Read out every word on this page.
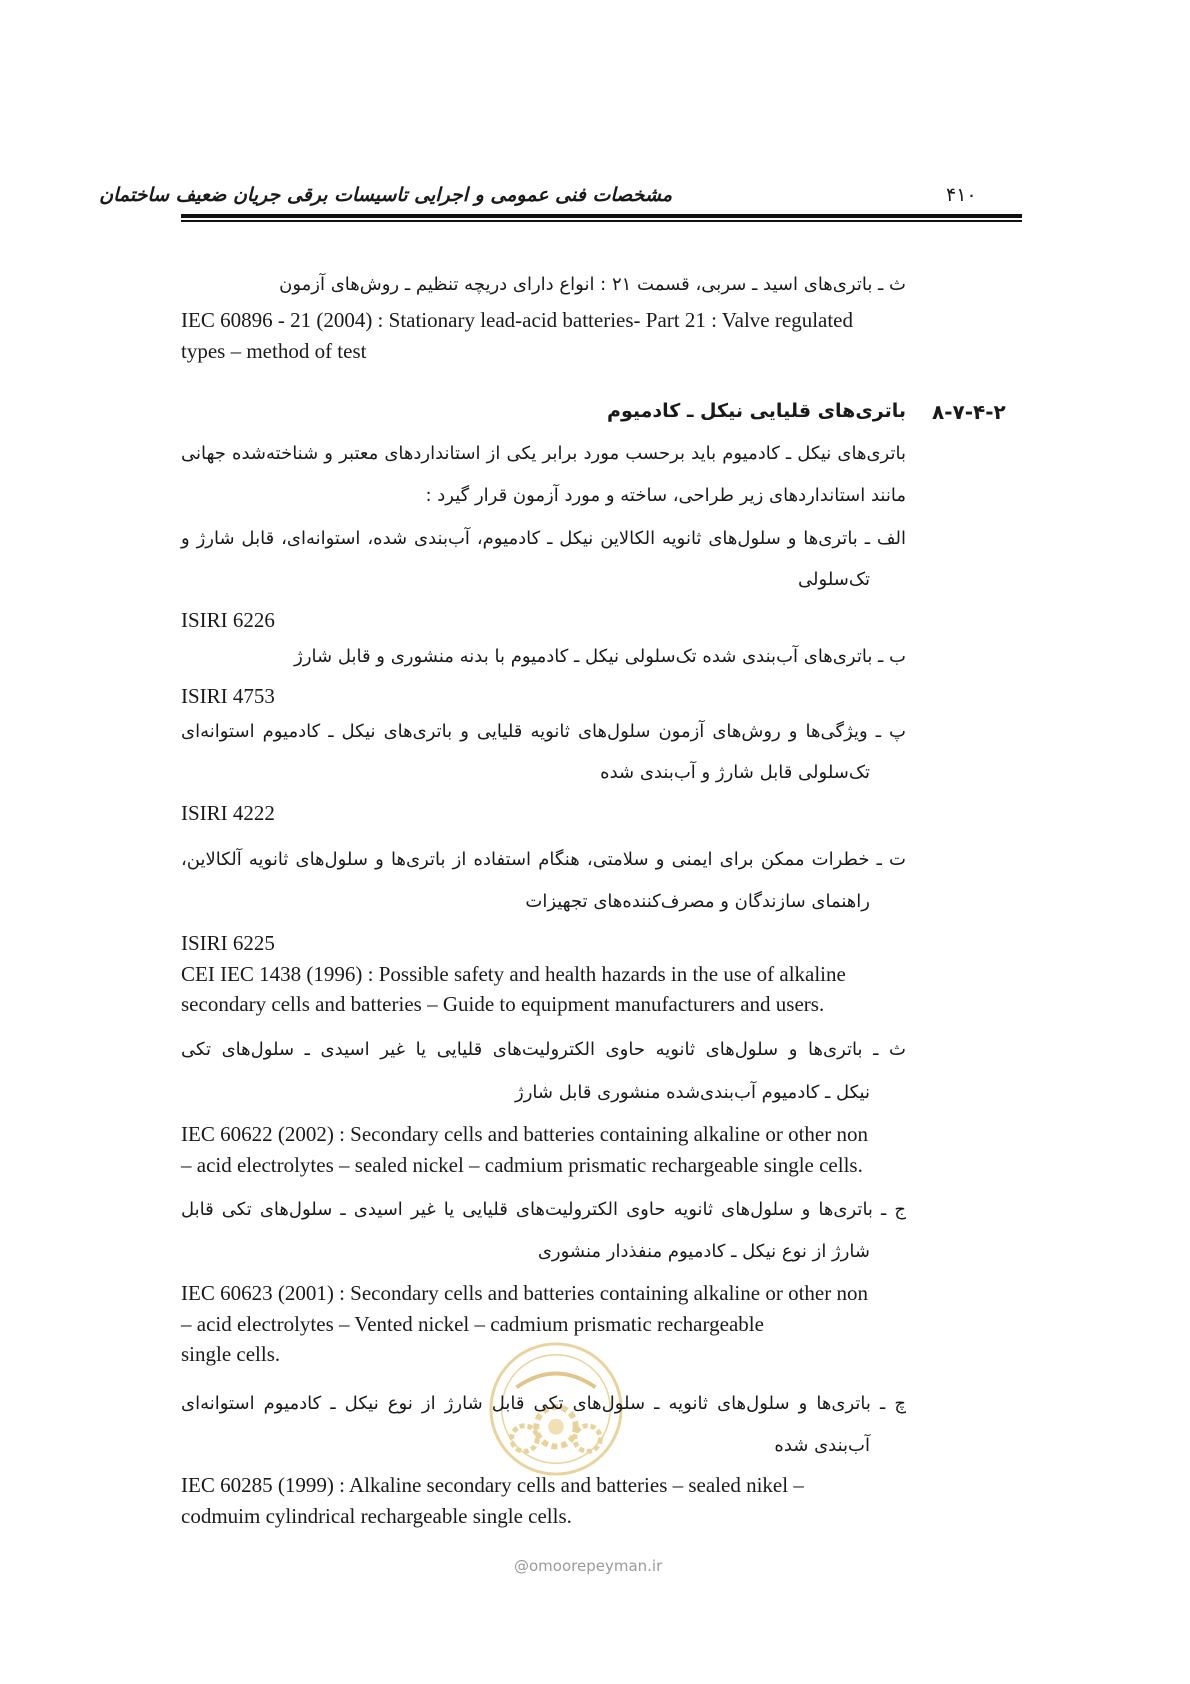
مشخصات فنی عمومی و اجرایی تاسیسات برقی جریان ضعیف ساختمان	۴۱۰
ث ـ باتری‌های اسید ـ سربی، قسمت ۲۱ : انواع دارای دریچه تنظیم ـ روش‌های آزمون
IEC 60896 - 21 (2004) : Stationary lead-acid batteries- Part 21 : Valve regulated
types – method of test
۸-۷-۴-۲
باتری‌های قلیایی نیکل ـ کادمیوم
باتری‌های نیکل ـ کادمیوم باید برحسب مورد برابر یکی از استانداردهای معتبر و شناخته‌شده جهانی
مانند استانداردهای زیر طراحی، ساخته و مورد آزمون قرار گیرد :
الف ـ باتری‌ها و سلول‌های ثانویه الکالاین نیکل ـ کادمیوم، آب‌بندی شده، استوانه‌ای، قابل شارژ و
تک‌سلولی
ISIRI 6226
ب ـ باتری‌های آب‌بندی شده تک‌سلولی نیکل ـ کادمیوم با بدنه منشوری و قابل شارژ
ISIRI 4753
پ ـ ویژگی‌ها و روش‌های آزمون سلول‌های ثانویه قلیایی و باتری‌های نیکل ـ کادمیوم استوانه‌ای
تک‌سلولی قابل شارژ و آب‌بندی شده
ISIRI 4222
ت ـ خطرات ممکن برای ایمنی و سلامتی، هنگام استفاده از باتری‌ها و سلول‌های ثانویه آلکالاین،
راهنمای سازندگان و مصرف‌کننده‌های تجهیزات
ISIRI 6225
CEI IEC 1438 (1996) : Possible safety and health hazards in the use of alkaline
secondary cells and batteries – Guide to equipment manufacturers and users.
ث ـ باتری‌ها و سلول‌های ثانویه حاوی الکترولیت‌های قلیایی یا غیر اسیدی ـ سلول‌های تکی
نیکل ـ کادمیوم آب‌بندی‌شده منشوری قابل شارژ
IEC 60622 (2002) : Secondary cells and batteries containing alkaline or other non
– acid electrolytes – sealed nickel – cadmium prismatic rechargeable single cells.
ج ـ باتری‌ها و سلول‌های ثانویه حاوی الکترولیت‌های قلیایی یا غیر اسیدی ـ سلول‌های تکی قابل
شارژ از نوع نیکل ـ کادمیوم منفذدار منشوری
IEC 60623 (2001) : Secondary cells and batteries containing alkaline or other non
– acid electrolytes – Vented nickel – cadmium prismatic rechargeable
single cells.
چ ـ باتری‌ها و سلول‌های ثانویه ـ سلول‌های تکی قابل شارژ از نوع نیکل ـ کادمیوم استوانه‌ای
آب‌بندی شده
IEC 60285 (1999) : Alkaline secondary cells and batteries – sealed nikel –
codmuim cylindrical rechargeable single cells.
@omoorepeyman.ir
